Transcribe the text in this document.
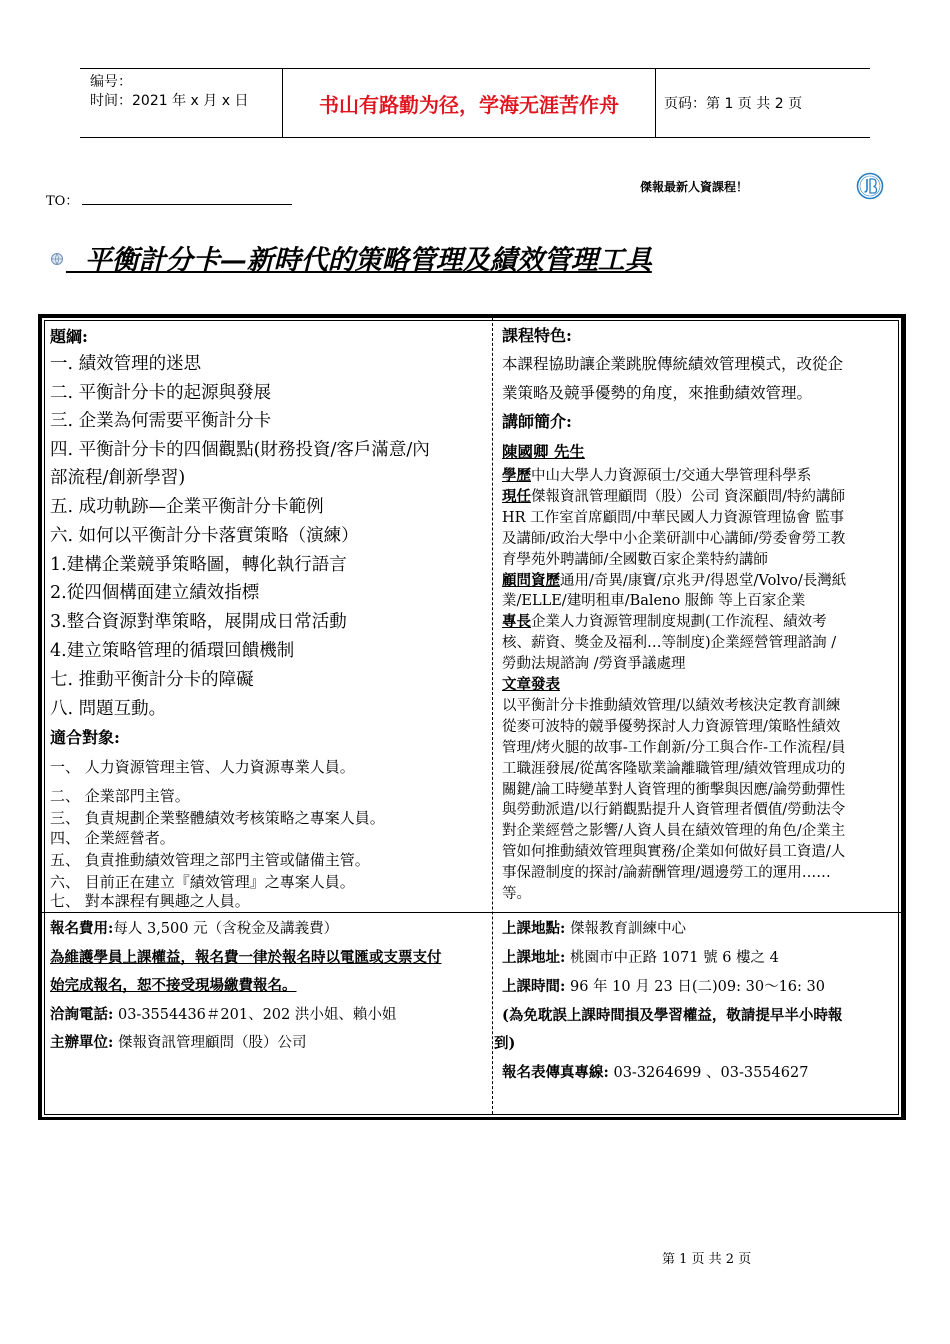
编号：
时间：2021 年 x 月 x 日	书山有路勤为径，学海无涯苦作舟	页码：第 1 页 共 2 页
TO：
傑報最新人資課程！
平衡計分卡—新時代的策略管理及績效管理工具
題綱:
一. 績效管理的迷思
二. 平衡計分卡的起源與發展
三. 企業為何需要平衡計分卡
四. 平衡計分卡的四個觀點(財務投資/客戶滿意/內
部流程/創新學習)
五. 成功軌跡—企業平衡計分卡範例
六. 如何以平衡計分卡落實策略（演練）
1.建構企業競爭策略圖，轉化執行語言
2.從四個構面建立績效指標
3.整合資源對準策略，展開成日常活動
4.建立策略管理的循環回饋機制
七. 推動平衡計分卡的障礙
八. 問題互動。
適合對象:
一、 人力資源管理主管、人力資源專業人員。
二、 企業部門主管。
三、 負責規劃企業整體績效考核策略之專案人員。
四、 企業經營者。
五、 負責推動績效管理之部門主管或儲備主管。
六、 目前正在建立『績效管理』之專案人員。
七、 對本課程有興趣之人員。
課程特色:
本課程協助讓企業跳脫傳統績效管理模式，改從企
業策略及競爭優勢的角度，來推動績效管理。
講師簡介:
陳國卿 先生
學歷中山大學人力資源碩士/交通大學管理科學系
現任傑報資訊管理顧問（股）公司 資深顧問/特約講師
HR 工作室首席顧問/中華民國人力資源管理協會 監事
及講師/政治大學中小企業研訓中心講師/勞委會勞工教
育學苑外聘講師/全國數百家企業特約講師
顧問資歷通用/奇異/康寶/京兆尹/得恩堂/Volvo/長灣紙
業/ELLE/建明租車/Baleno 服飾 等上百家企業
專長企業人力資源管理制度規劃(工作流程、績效考
核、薪資、獎金及福利…等制度)企業經營管理諮詢 /
勞動法規諮詢 /勞資爭議處理
文章發表
以平衡計分卡推動績效管理/以績效考核決定教育訓練
從麥可波特的競爭優勢探討人力資源管理/策略性績效
管理/烤火腿的故事-工作創新/分工與合作-工作流程/員
工職涯發展/從萬客隆歇業論離職管理/績效管理成功的
關鍵/論工時變革對人資管理的衝擊與因應/論勞動彈性
與勞動派遣/以行銷觀點提升人資管理者價值/勞動法令
對企業經營之影響/人資人員在績效管理的角色/企業主
管如何推動績效管理與實務/企業如何做好員工資遣/人
事保證制度的探討/論薪酬管理/週邊勞工的運用……
等。
報名費用:每人 3,500 元（含稅金及講義費）
為維護學員上課權益，報名費一律於報名時以電匯或支票支付
始完成報名，恕不接受現場繳費報名。
洽詢電話: 03-3554436＃201、202 洪小姐、賴小姐
主辦單位: 傑報資訊管理顧問（股）公司
上課地點: 傑報教育訓練中心
上課地址: 桃園市中正路 1071 號 6 樓之 4
上課時間: 96 年 10 月 23 日(二)09: 30～16: 30
(為免耽誤上課時間損及學習權益，敬請提早半小時報
到)
報名表傳真專線: 03-3264699 、03-3554627
第 1 页 共 2 页
